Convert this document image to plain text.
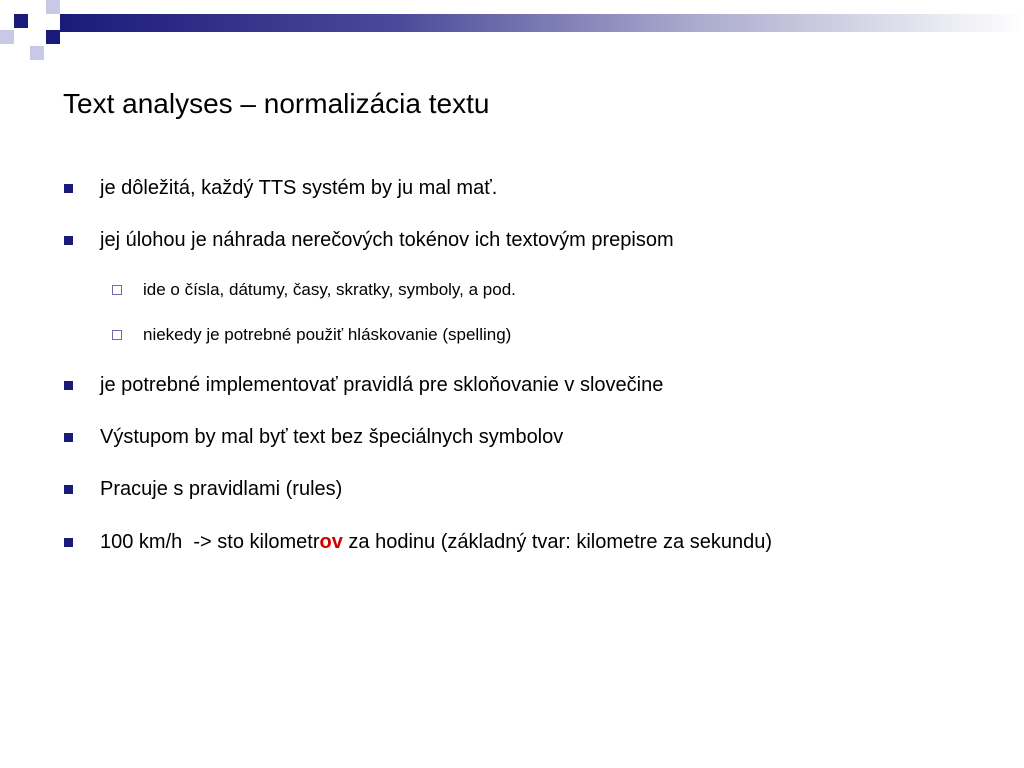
Text analyses – normalizácia textu
je dôležitá, každý TTS systém by ju mal mať.
jej úlohou je náhrada nerečových tokénov ich textovým prepisom
ide o čísla, dátumy, časy, skratky, symboly, a pod.
niekedy je potrebné použiť hláskovanie (spelling)
je potrebné implementovať pravidlá pre skloňovanie v slovečine
Výstupom by mal byť text bez špeciálnych symbolov
Pracuje s pravidlami (rules)
100 km/h  -> sto kilometrov za hodinu (základný tvar: kilometre za sekundu)
